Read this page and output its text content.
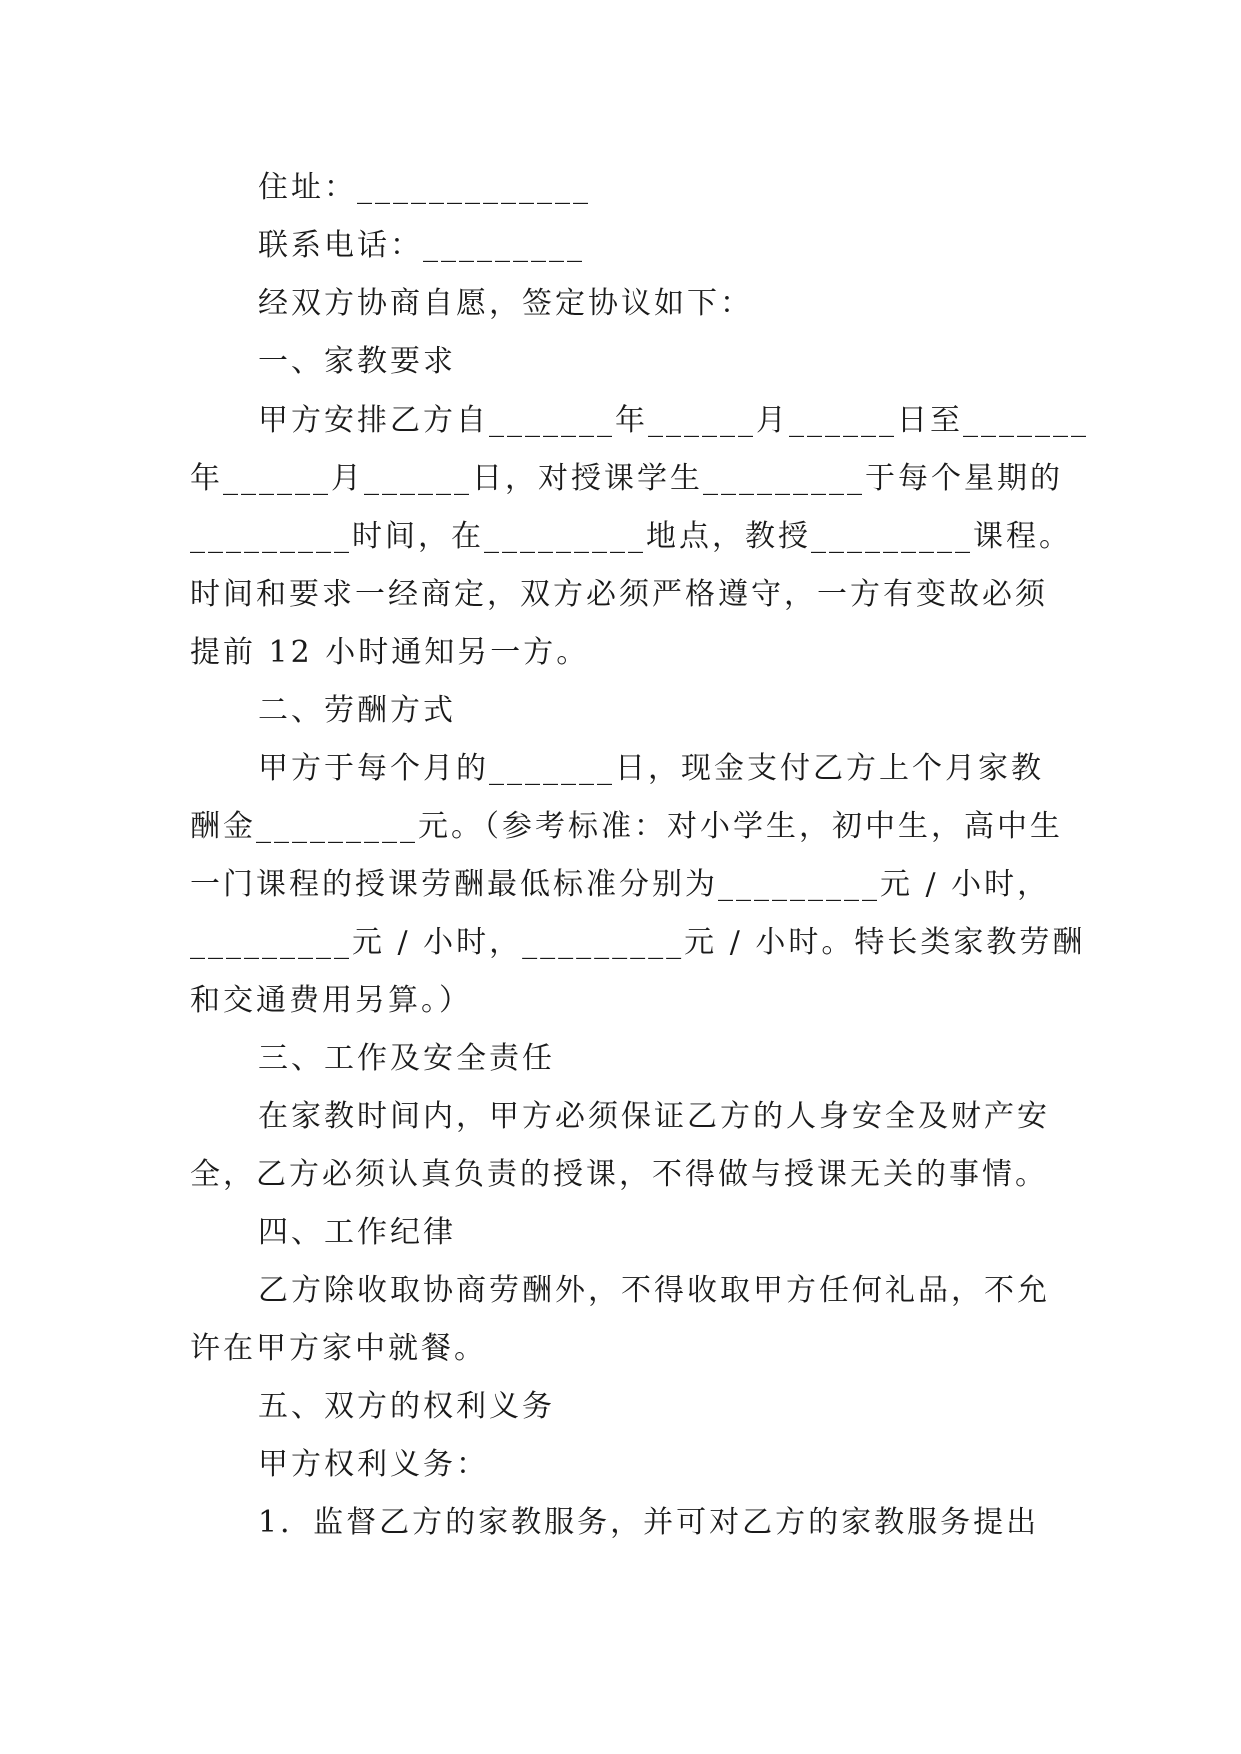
住址：_____________
联系电话：_________
经双方协商自愿，签定协议如下：
一、家教要求
甲方安排乙方自_______年______月______日至_______
年______月______日，对授课学生_________于每个星期的
_________时间，在_________地点，教授_________课程。
时间和要求一经商定，双方必须严格遵守，一方有变故必须
提前 12 小时通知另一方。
二、劳酬方式
甲方于每个月的_______日，现金支付乙方上个月家教
酬金_________元。（参考标准：对小学生，初中生，高中生
一门课程的授课劳酬最低标准分别为_________元 / 小时，
_________元 / 小时，_________元 / 小时。特长类家教劳酬
和交通费用另算。）
三、工作及安全责任
在家教时间内，甲方必须保证乙方的人身安全及财产安
全，乙方必须认真负责的授课，不得做与授课无关的事情。
四、工作纪律
乙方除收取协商劳酬外，不得收取甲方任何礼品，不允
许在甲方家中就餐。
五、双方的权利义务
甲方权利义务：
1．监督乙方的家教服务，并可对乙方的家教服务提出
